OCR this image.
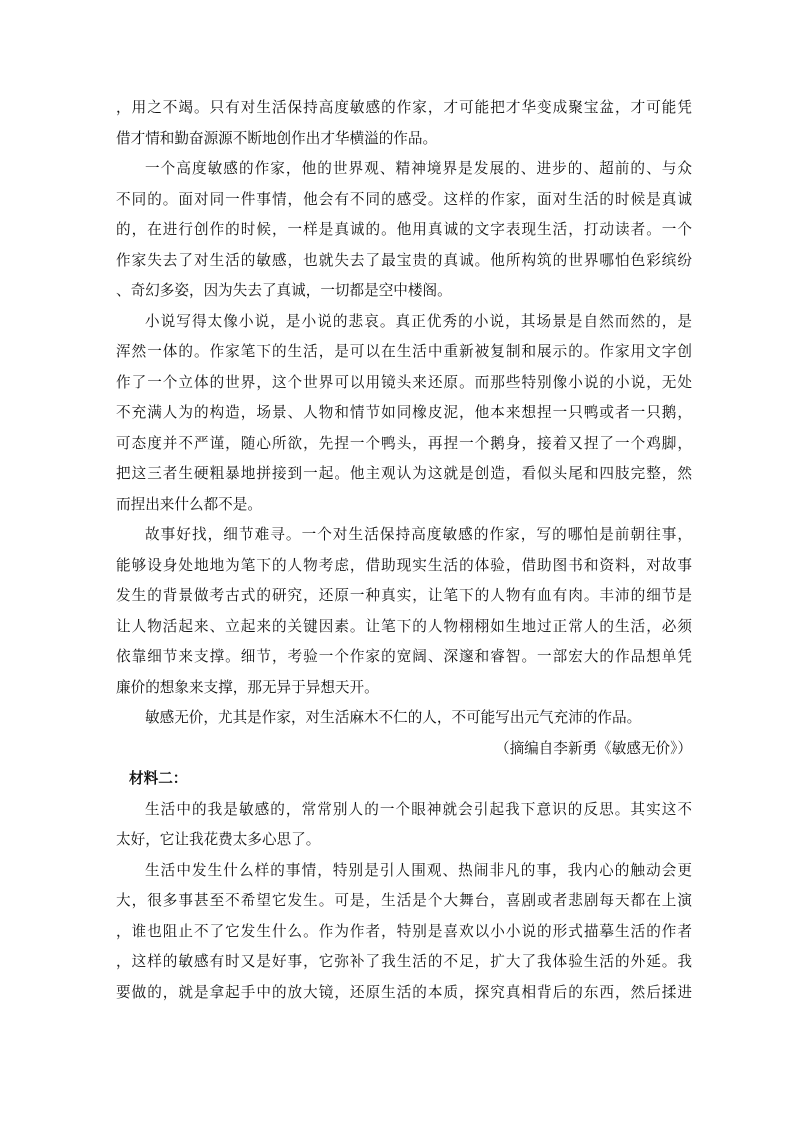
，用之不竭。只有对生活保持高度敏感的作家，才可能把才华变成聚宝盆，才可能凭
借才情和勤奋源源不断地创作出才华横溢的作品。
一个高度敏感的作家，他的世界观、精神境界是发展的、进步的、超前的、与众
不同的。面对同一件事情，他会有不同的感受。这样的作家，面对生活的时候是真诚
的，在进行创作的时候，一样是真诚的。他用真诚的文字表现生活，打动读者。一个
作家失去了对生活的敏感，也就失去了最宝贵的真诚。他所构筑的世界哪怕色彩缤纷
、奇幻多姿，因为失去了真诚，一切都是空中楼阁。
小说写得太像小说，是小说的悲哀。真正优秀的小说，其场景是自然而然的，是
浑然一体的。作家笔下的生活，是可以在生活中重新被复制和展示的。作家用文字创
作了一个立体的世界，这个世界可以用镜头来还原。而那些特别像小说的小说，无处
不充满人为的构造，场景、人物和情节如同橡皮泥，他本来想捏一只鸭或者一只鹅，
可态度并不严谨，随心所欲，先捏一个鸭头，再捏一个鹅身，接着又捏了一个鸡脚，
把这三者生硬粗暴地拼接到一起。他主观认为这就是创造，看似头尾和四肢完整，然
而捏出来什么都不是。
故事好找，细节难寻。一个对生活保持高度敏感的作家，写的哪怕是前朝往事，
能够设身处地地为笔下的人物考虑，借助现实生活的体验，借助图书和资料，对故事
发生的背景做考古式的研究，还原一种真实，让笔下的人物有血有肉。丰沛的细节是
让人物活起来、立起来的关键因素。让笔下的人物栩栩如生地过正常人的生活，必须
依靠细节来支撑。细节，考验一个作家的宽阔、深邃和睿智。一部宏大的作品想单凭
廉价的想象来支撑，那无异于异想天开。
敏感无价，尤其是作家，对生活麻木不仁的人，不可能写出元气充沛的作品。
（摘编自李新勇《敏感无价》）
材料二：
生活中的我是敏感的，常常别人的一个眼神就会引起我下意识的反思。其实这不
太好，它让我花费太多心思了。
生活中发生什么样的事情，特别是引人围观、热闹非凡的事，我内心的触动会更
大，很多事甚至不希望它发生。可是，生活是个大舞台，喜剧或者悲剧每天都在上演
，谁也阻止不了它发生什么。作为作者，特别是喜欢以小小说的形式描摹生活的作者
，这样的敏感有时又是好事，它弥补了我生活的不足，扩大了我体验生活的外延。我
要做的，就是拿起手中的放大镜，还原生活的本质，探究真相背后的东西，然后揉进
